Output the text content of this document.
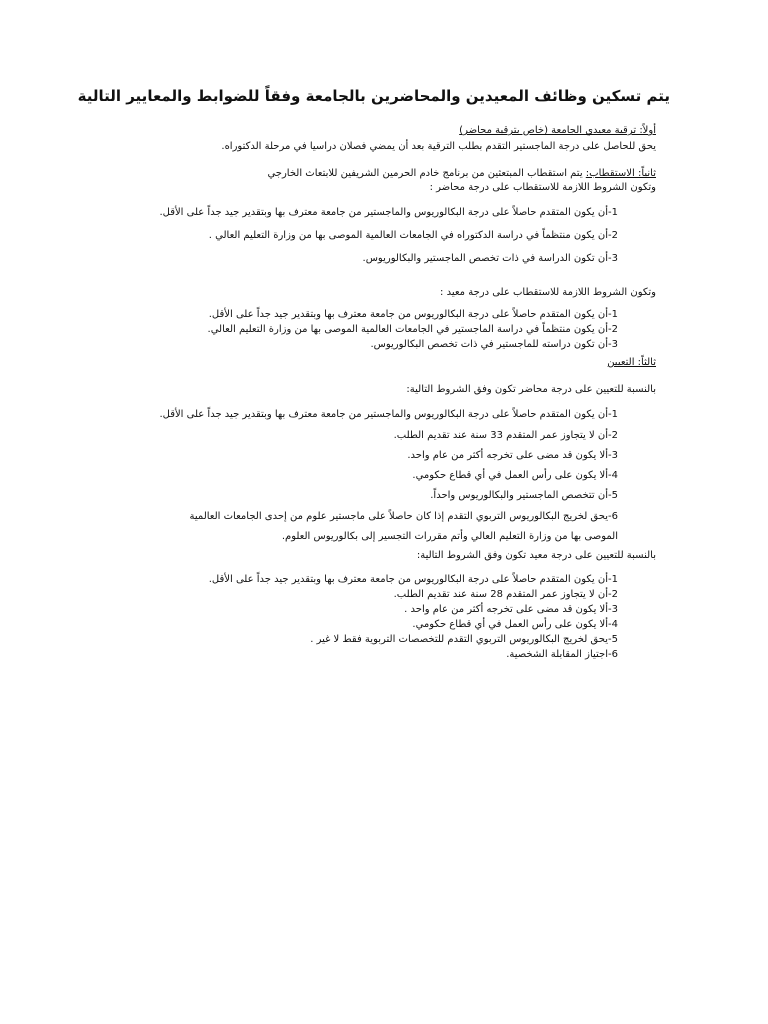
يتم تسكين وظائف المعيدين والمحاضرين بالجامعة وفقاً للضوابط والمعايير التالية
أولاً: ترقية معيدي الجامعة (خاص بترقية محاضر)
يحق للحاصل على درجة الماجستير التقدم بطلب الترقية بعد أن يمضي فصلان دراسيا في مرحلة الدكتوراه.
ثانياً: الاستقطاب: يتم استقطاب المبتعثين من برنامج خادم الحرمين الشريفين للابتعاث الخارجي
وتكون الشروط اللازمة للاستقطاب على درجة محاضر :
1-أن يكون المتقدم حاصلاً على درجة البكالوريوس والماجستير من جامعة معترف بها وبتقدير جيد جداً على الأقل.
2-أن يكون منتظماً في دراسة الدكتوراه في الجامعات العالمية الموصى بها من وزارة التعليم العالي .
3-أن تكون الدراسة في ذات تخصص الماجستير والبكالوريوس.
وتكون الشروط اللازمة للاستقطاب على درجة معيد :
1-أن يكون المتقدم حاصلاً على درجة البكالوريوس من جامعة معترف بها وبتقدير جيد جداً على الأقل.
2-أن يكون منتظماً في دراسة الماجستير في الجامعات العالمية الموصى بها من وزارة التعليم العالي.
3-أن تكون دراسته للماجستير في ذات تخصص البكالوريوس.
ثالثاً: التعيين
بالنسبة للتعيين على درجة محاضر تكون وفق الشروط التالية:
1-أن يكون المتقدم حاصلاً على درجة البكالوريوس والماجستير من جامعة معترف بها وبتقدير جيد جداً على الأقل.
2-أن لا يتجاوز عمر المتقدم 33 سنة عند تقديم الطلب.
3-ألا يكون قد مضى على تخرجه أكثر من عام واحد.
4-ألا يكون على رأس العمل في أي قطاع حكومي.
5-أن تتخصص الماجستير والبكالوريوس واحداً.
6-يحق لخريج البكالوريوس التربوي التقدم إذا كان حاصلاً على ماجستير علوم من إحدى الجامعات العالمية
الموصى بها من وزارة التعليم العالي وأتم مقررات التجسير إلى بكالوريوس العلوم.
بالنسبة للتعيين على درجة معيد تكون وفق الشروط التالية:
1-أن يكون المتقدم حاصلاً على درجة البكالوريوس من جامعة معترف بها وبتقدير جيد جداً على الأقل.
2-أن لا يتجاوز عمر المتقدم 28 سنة عند تقديم الطلب.
3-ألا يكون قد مضى على تخرجه أكثر من عام واحد .
4-ألا يكون على رأس العمل في أي قطاع حكومي.
5-يحق لخريج البكالوريوس التربوي التقدم للتخصصات التربوية فقط لا غير .
6-اجتياز المقابلة الشخصية.
